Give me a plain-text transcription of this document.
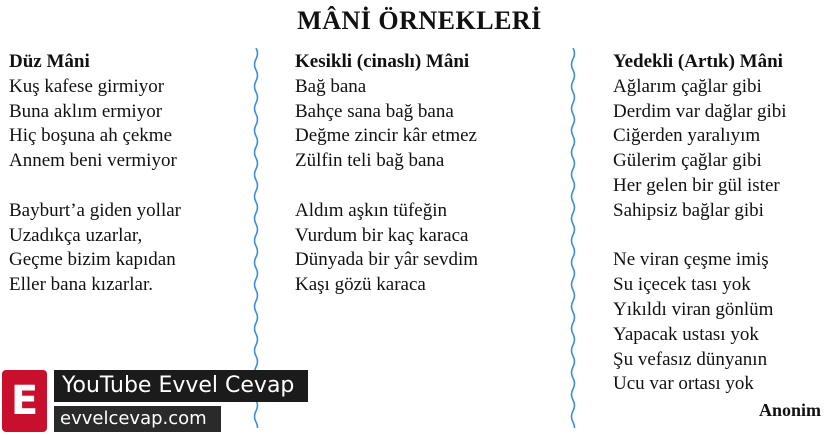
MÂNİ ÖRNEKLERİ
Düz Mâni
Kuş kafese girmiyor
Buna aklım ermiyor
Hiç boşuna ah çekme
Annem beni vermiyor
Bayburt’a giden yollar
Uzadıkça uzarlar,
Geçme bizim kapıdan
Eller bana kızarlar.
Kesikli (cinaslı) Mâni
Bağ bana
Bahçe sana bağ bana
Değme zincir kâr etmez
Zülfin teli bağ bana
Aldım aşkın tüfeğin
Vurdum bir kaç karaca
Dünyada bir yâr sevdim
Kaşı gözü karaca
Yedekli (Artık) Mâni
Ağlarım çağlar gibi
Derdim var dağlar gibi
Ciğerden yaralıyım
Gülerim çağlar gibi
Her gelen bir gül ister
Sahipsiz bağlar gibi
Ne viran çeşme imiş
Su içecek tası yok
Yıkıldı viran gönlüm
Yapacak ustası yok
Şu vefasız dünyanın
Ucu var ortası yok
Anonim
E	YouTube Evvel Cevap
evvelcevap.com
